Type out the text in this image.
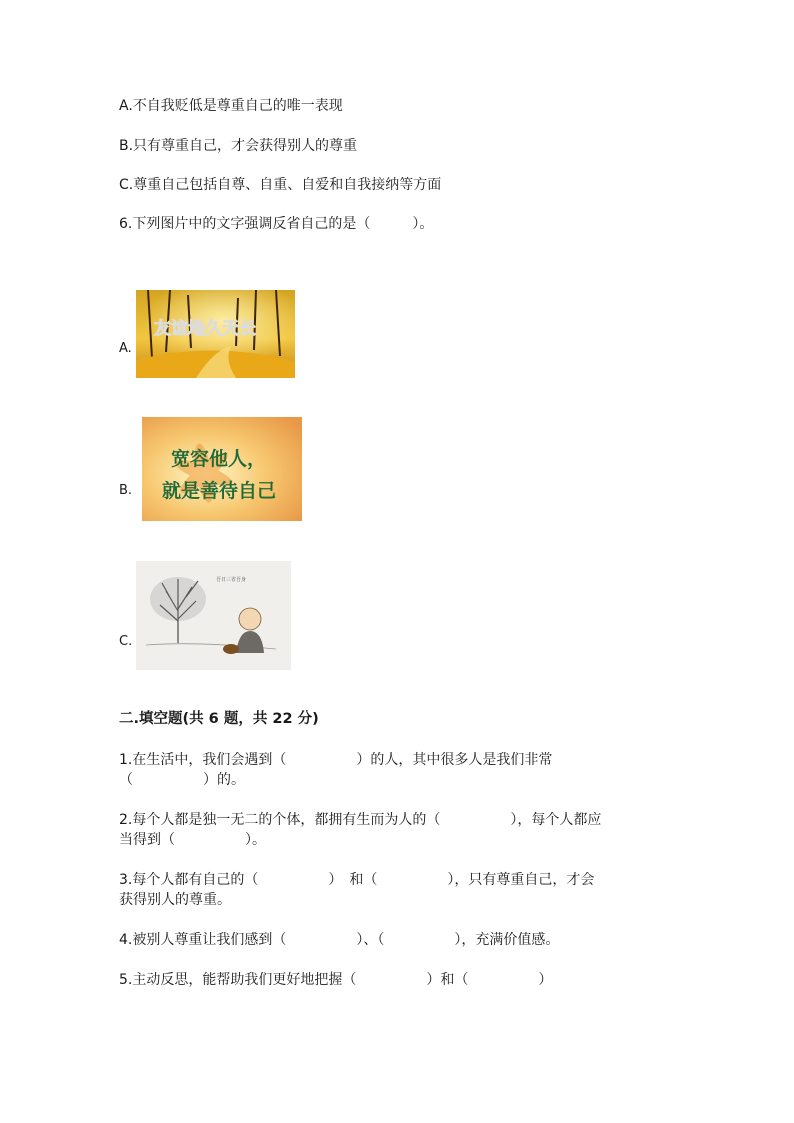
A.不自我贬低是尊重自己的唯一表现
B.只有尊重自己，才会获得别人的尊重
C.尊重自己包括自尊、自重、自爱和自我接纳等方面
6.下列图片中的文字强调反省自己的是（　　　）。
A.
友谊地久天长
B.
宽容他人，
就是善待自己
C.
吾日三省吾身
二.填空题(共 6 题，共 22 分)
1.在生活中，我们会遇到（　　　　　）的人，其中很多人是我们非常
（　　　　　）的。
2.每个人都是独一无二的个体，都拥有生而为人的（　　　　　），每个人都应
当得到（　　　　　）。
3.每个人都有自己的（　　　　　）　和（　　　　　），只有尊重自己，才会
获得别人的尊重。
4.被别人尊重让我们感到（　　　　　）、（　　　　　），充满价值感。
5.主动反思，能帮助我们更好地把握（　　　　　）和（　　　　　）
